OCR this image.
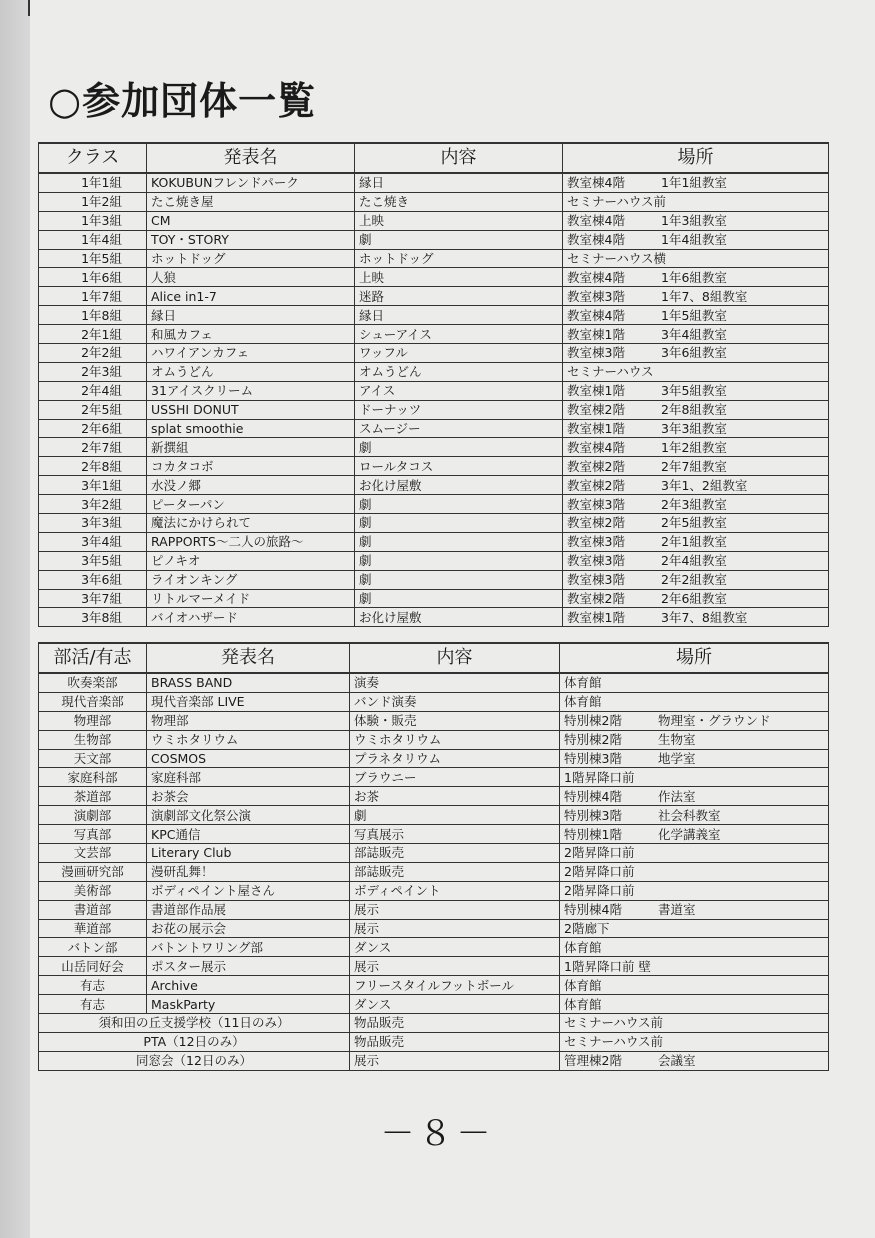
○参加団体一覧
クラス	発表名	内容	場所
1年1組	KOKUBUNフレンドパーク	縁日	教室棟4階 1年1組教室
1年2組	たこ焼き屋	たこ焼き	セミナーハウス前
1年3組	CM	上映	教室棟4階 1年3組教室
1年4組	TOY・STORY	劇	教室棟4階 1年4組教室
1年5組	ホットドッグ	ホットドッグ	セミナーハウス横
1年6組	人狼	上映	教室棟4階 1年6組教室
1年7組	Alice in1-7	迷路	教室棟3階 1年7、8組教室
1年8組	縁日	縁日	教室棟4階 1年5組教室
2年1組	和風カフェ	シューアイス	教室棟1階 3年4組教室
2年2組	ハワイアンカフェ	ワッフル	教室棟3階 3年6組教室
2年3組	オムうどん	オムうどん	セミナーハウス
2年4組	31アイスクリーム	アイス	教室棟1階 3年5組教室
2年5組	USSHI DONUT	ドーナッツ	教室棟2階 2年8組教室
2年6組	splat smoothie	スムージー	教室棟1階 3年3組教室
2年7組	新撰組	劇	教室棟4階 1年2組教室
2年8組	コカタコボ	ロールタコス	教室棟2階 2年7組教室
3年1組	水没ノ郷	お化け屋敷	教室棟2階 3年1、2組教室
3年2組	ピーターパン	劇	教室棟3階 2年3組教室
3年3組	魔法にかけられて	劇	教室棟2階 2年5組教室
3年4組	RAPPORTS～二人の旅路～	劇	教室棟3階 2年1組教室
3年5組	ピノキオ	劇	教室棟3階 2年4組教室
3年6組	ライオンキング	劇	教室棟3階 2年2組教室
3年7組	リトルマーメイド	劇	教室棟2階 2年6組教室
3年8組	バイオハザード	お化け屋敷	教室棟1階 3年7、8組教室
部活/有志	発表名	内容	場所
吹奏楽部	BRASS BAND	演奏	体育館
現代音楽部	現代音楽部 LIVE	バンド演奏	体育館
物理部	物理部	体験・販売	特別棟2階 物理室・グラウンド
生物部	ウミホタリウム	ウミホタリウム	特別棟2階 生物室
天文部	COSMOS	プラネタリウム	特別棟3階 地学室
家庭科部	家庭科部	ブラウニー	1階昇降口前
茶道部	お茶会	お茶	特別棟4階 作法室
演劇部	演劇部文化祭公演	劇	特別棟3階 社会科教室
写真部	KPC通信	写真展示	特別棟1階 化学講義室
文芸部	Literary Club	部誌販売	2階昇降口前
漫画研究部	漫研乱舞！	部誌販売	2階昇降口前
美術部	ボディペイント屋さん	ボディペイント	2階昇降口前
書道部	書道部作品展	展示	特別棟4階 書道室
華道部	お花の展示会	展示	2階廊下
バトン部	バトントワリング部	ダンス	体育館
山岳同好会	ポスター展示	展示	1階昇降口前 壁
有志	Archive	フリースタイルフットボール	体育館
有志	MaskParty	ダンス	体育館
須和田の丘支援学校（11日のみ）		物品販売	セミナーハウス前
PTA（12日のみ）		物品販売	セミナーハウス前
同窓会（12日のみ）		展示	管理棟2階 会議室
－８－
